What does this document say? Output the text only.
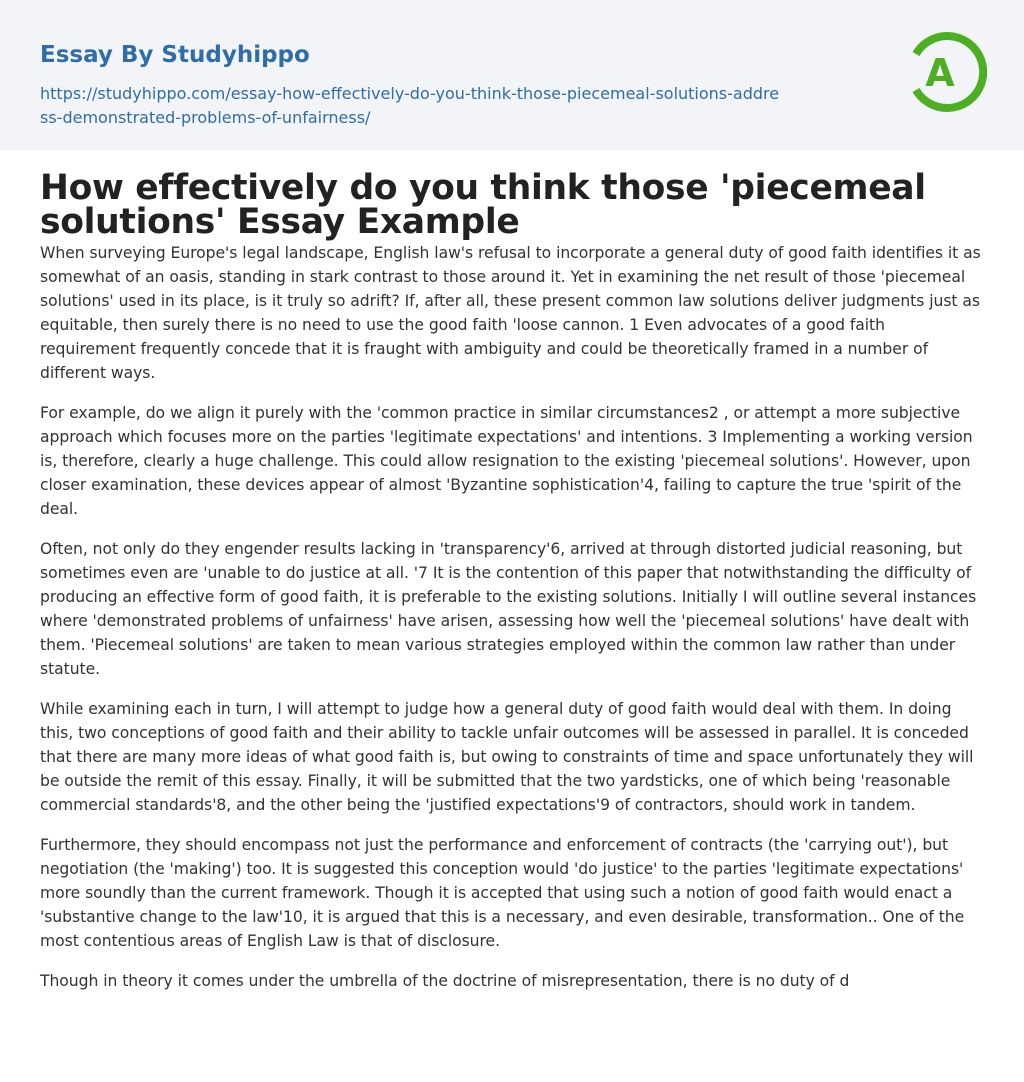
Essay By Studyhippo
https://studyhippo.com/essay-how-effectively-do-you-think-those-piecemeal-solutions-address-demonstrated-problems-of-unfairness/
A
How effectively do you think those 'piecemeal solutions' Essay Example

When surveying Europe's legal landscape, English law's refusal to incorporate a general duty of good faith identifies it as somewhat of an oasis, standing in stark contrast to those around it. Yet in examining the net result of those 'piecemeal solutions' used in its place, is it truly so adrift? If, after all, these present common law solutions deliver judgments just as equitable, then surely there is no need to use the good faith 'loose cannon. 1 Even advocates of a good faith requirement frequently concede that it is fraught with ambiguity and could be theoretically framed in a number of different ways.

For example, do we align it purely with the 'common practice in similar circumstances2 , or attempt a more subjective approach which focuses more on the parties 'legitimate expectations' and intentions. 3 Implementing a working version is, therefore, clearly a huge challenge. This could allow resignation to the existing 'piecemeal solutions'. However, upon closer examination, these devices appear of almost 'Byzantine sophistication'4, failing to capture the true 'spirit of the deal.

Often, not only do they engender results lacking in 'transparency'6, arrived at through distorted judicial reasoning, but sometimes even are 'unable to do justice at all. '7 It is the contention of this paper that notwithstanding the difficulty of producing an effective form of good faith, it is preferable to the existing solutions. Initially I will outline several instances where 'demonstrated problems of unfairness' have arisen, assessing how well the 'piecemeal solutions' have dealt with them. 'Piecemeal solutions' are taken to mean various strategies employed within the common law rather than under statute.

While examining each in turn, I will attempt to judge how a general duty of good faith would deal with them. In doing this, two conceptions of good faith and their ability to tackle unfair outcomes will be assessed in parallel. It is conceded that there are many more ideas of what good faith is, but owing to constraints of time and space unfortunately they will be outside the remit of this essay. Finally, it will be submitted that the two yardsticks, one of which being 'reasonable commercial standards'8, and the other being the 'justified expectations'9 of contractors, should work in tandem.

Furthermore, they should encompass not just the performance and enforcement of contracts (the 'carrying out'), but negotiation (the 'making') too. It is suggested this conception would 'do justice' to the parties 'legitimate expectations' more soundly than the current framework. Though it is accepted that using such a notion of good faith would enact a 'substantive change to the law'10, it is argued that this is a necessary, and even desirable, transformation.. One of the most contentious areas of English Law is that of disclosure.

Though in theory it comes under the umbrella of the doctrine of misrepresentation, there is no duty of d
